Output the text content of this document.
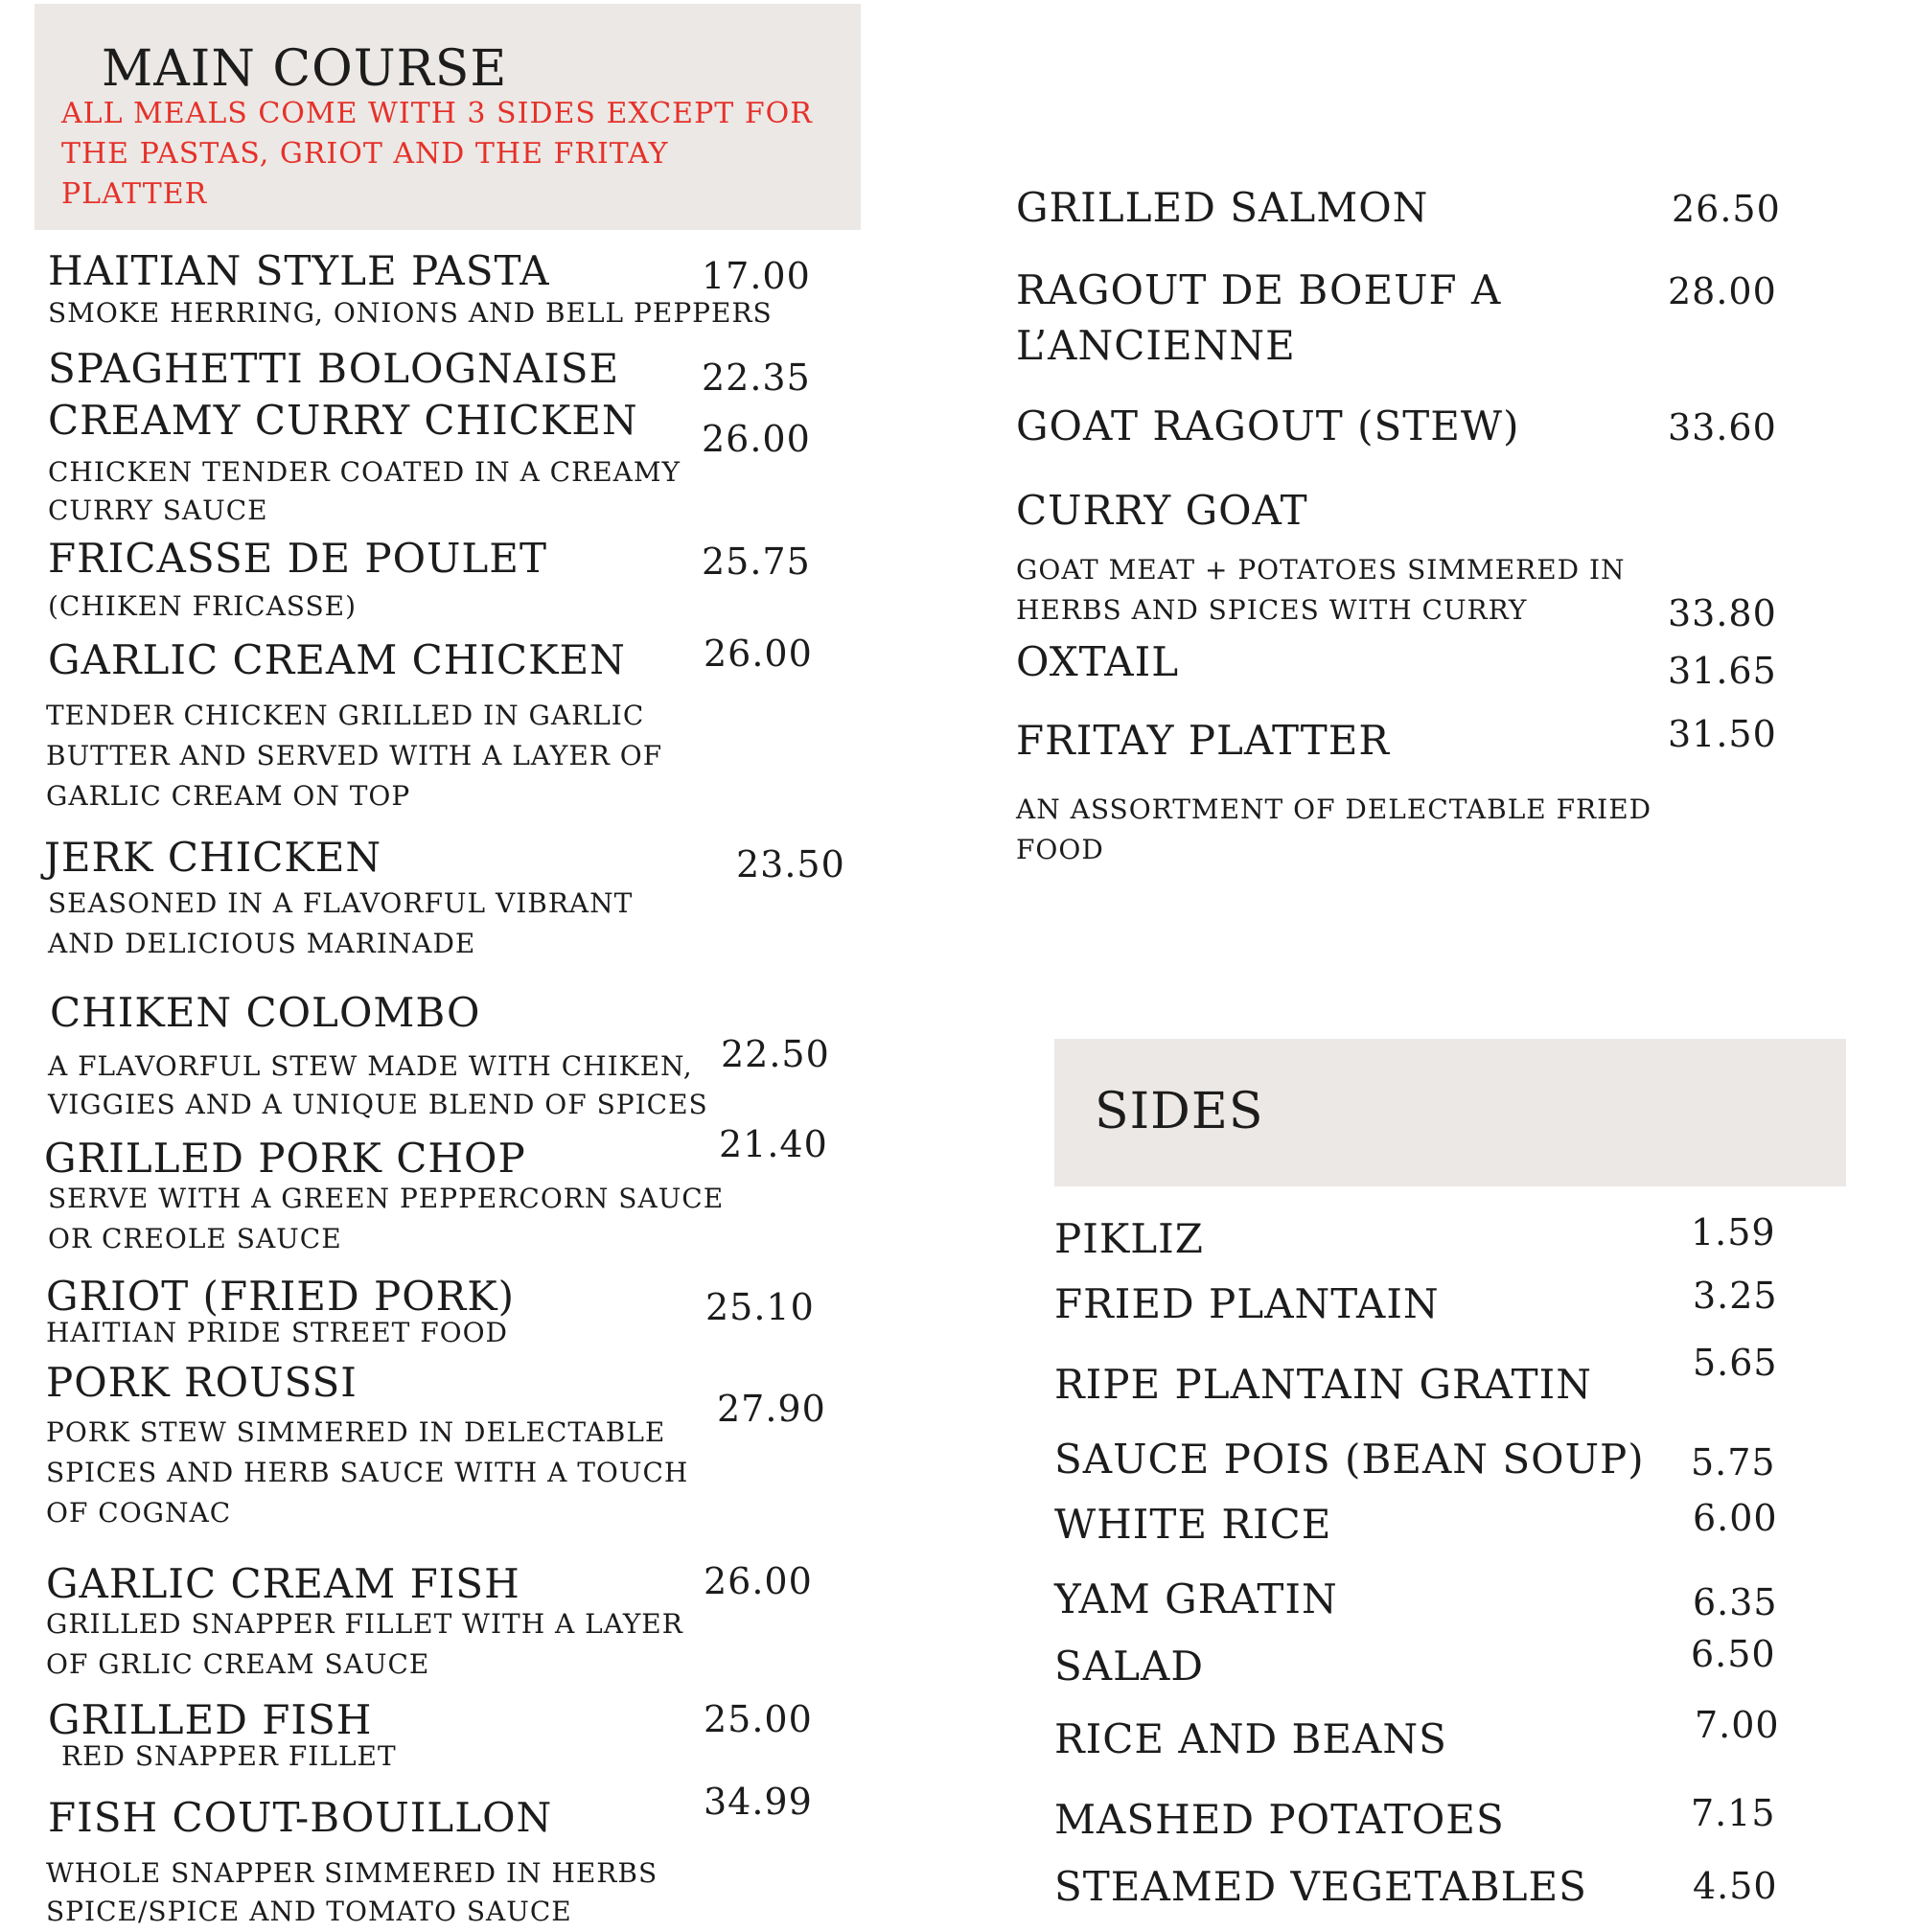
MAIN COURSE
ALL MEALS COME WITH 3 SIDES EXCEPT FOR
THE PASTAS, GRIOT AND THE FRITAY
PLATTER
SIDES
HAITIAN STYLE PASTA	17.00
SMOKE HERRING, ONIONS AND BELL PEPPERS
SPAGHETTI BOLOGNAISE 22.35
CREAMY CURRY CHICKEN 26.00
CHICKEN TENDER COATED IN A CREAMY
CURRY SAUCE
FRICASSE DE POULET	25.75
(CHIKEN FRICASSE)
GARLIC CREAM CHICKEN 26.00
TENDER CHICKEN GRILLED IN GARLIC
BUTTER AND SERVED WITH A LAYER OF
GARLIC CREAM ON TOP
JERK CHICKEN	23.50
SEASONED IN A FLAVORFUL VIBRANT
AND DELICIOUS MARINADE
CHIKEN COLOMBO
22.50
A FLAVORFUL STEW MADE WITH CHIKEN,
VIGGIES AND A UNIQUE BLEND OF SPICES
GRILLED PORK CHOP	21.40
SERVE WITH A GREEN PEPPERCORN SAUCE
OR CREOLE SAUCE
GRIOT (FRIED PORK)	25.10
HAITIAN PRIDE STREET FOOD
PORK ROUSSI
27.90
PORK STEW SIMMERED IN DELECTABLE
SPICES AND HERB SAUCE WITH A TOUCH
OF COGNAC
GARLIC CREAM FISH	26.00
GRILLED SNAPPER FILLET WITH A LAYER
OF GRLIC CREAM SAUCE
GRILLED FISH	25.00
RED SNAPPER FILLET
FISH COUT-BOUILLON	34.99
WHOLE SNAPPER SIMMERED IN HERBS
SPICE/SPICE AND TOMATO SAUCE
GRILLED SALMON	26.50
RAGOUT DE BOEUF A
L’ANCIENNE
28.00
GOAT RAGOUT (STEW)	33.60
CURRY GOAT
GOAT MEAT + POTATOES SIMMERED IN
HERBS AND SPICES WITH CURRY	33.80
OXTAIL	31.65
FRITAY PLATTER	31.50
AN ASSORTMENT OF DELECTABLE FRIED
FOOD
PIKLIZ	1.59
FRIED PLANTAIN	3.25
RIPE PLANTAIN GRATIN	5.65
SAUCE POIS (BEAN SOUP) 5.75
WHITE RICE	6.00
YAM GRATIN	6.35
SALAD	6.50
RICE AND BEANS	7.00
MASHED POTATOES	7.15
STEAMED VEGETABLES	4.50
